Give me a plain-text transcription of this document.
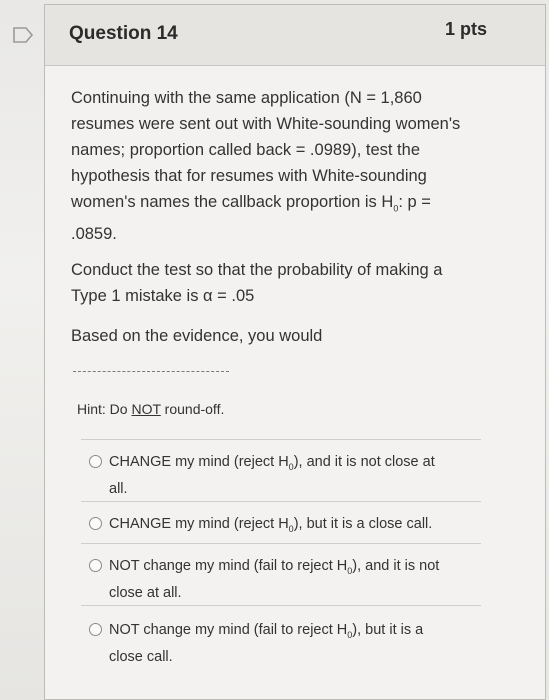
Question 14	1 pts

Continuing with the same application (N = 1,860 resumes were sent out with White-sounding women's names; proportion called back = .0989), test the hypothesis that for resumes with White-sounding women's names the callback proportion is $H_0$: p = .0859.

Conduct the test so that the probability of making a Type 1 mistake is α = .05

Based on the evidence, you would

Hint: Do NOT round-off.
CHANGE my mind (reject $H_0$), and it is not close at all.
CHANGE my mind (reject $H_0$), but it is a close call.
NOT change my mind (fail to reject $H_0$), and it is not close at all.
NOT change my mind (fail to reject $H_0$), but it is a close call.
